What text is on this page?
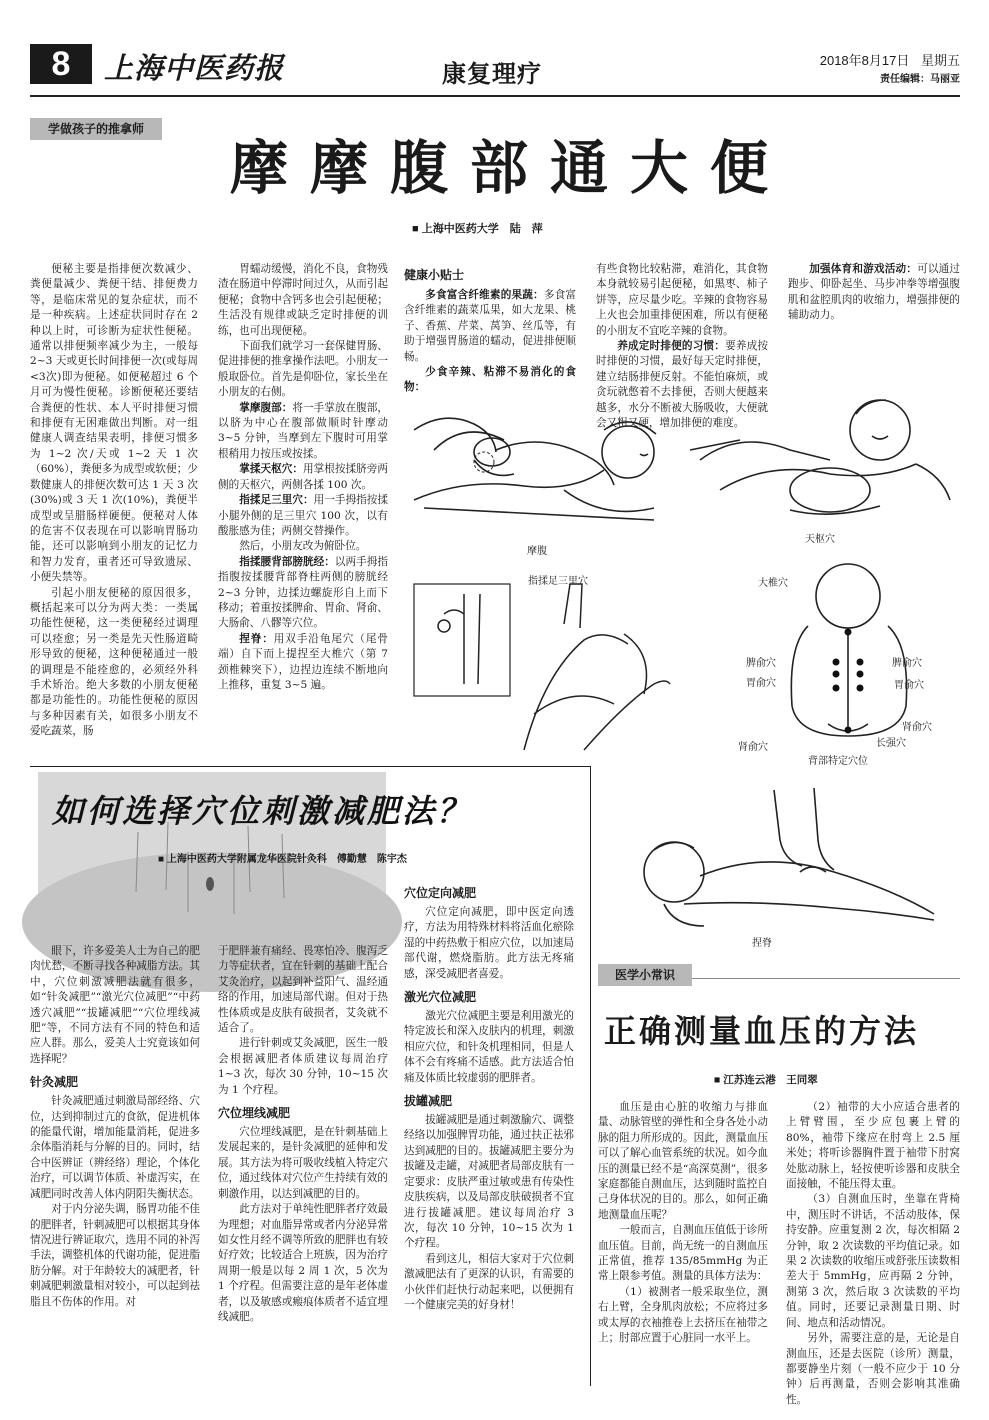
8	上海中医药报	康复理疗
2018年8月17日 星期五
责任编辑：马丽亚
学做孩子的推拿师
摩摩腹部通大便
■ 上海中医药大学　陆　萍

便秘主要是指排便次数减少、粪便量减少、粪便干结、排便费力等，是临床常见的复杂症状，而不是一种疾病。上述症状同时存在 2 种以上时，可诊断为症状性便秘。通常以排便频率减少为主，一般每 2~3 天或更长时间排便一次(或每周<3次)即为便秘。如便秘超过 6 个月可为慢性便秘。诊断便秘还要结合粪便的性状、本人平时排便习惯和排便有无困难做出判断。对一组健康人调查结果表明，排便习惯多为 1~2 次/天或 1~2 天 1 次（60%），粪便多为成型或软便；少数健康人的排便次数可达 1 天 3 次(30%)或 3 天 1 次(10%)，粪便半成型或呈腊肠样硬便。便秘对人体的危害不仅表现在可以影响胃肠功能，还可以影响到小朋友的记忆力和智力发育，重者还可导致遗尿、小便失禁等。

引起小朋友便秘的原因很多，概括起来可以分为两大类：一类属功能性便秘，这一类便秘经过调理可以痊愈；另一类是先天性肠道畸形导致的便秘，这种便秘通过一般的调理是不能痊愈的，必须经外科手术矫治。绝大多数的小朋友便秘都是功能性的。功能性便秘的原因与多种因素有关，如很多小朋友不爱吃蔬菜，肠

胃蠕动缓慢，消化不良，食物残渣在肠道中停滞时间过久，从而引起便秘；食物中含钙多也会引起便秘；生活没有规律或缺乏定时排便的训练，也可出现便秘。

下面我们就学习一套保健胃肠、促进排便的推拿操作法吧。小朋友一般取卧位。首先是仰卧位，家长坐在小朋友的右侧。

掌摩腹部：将一手掌放在腹部，以脐为中心在腹部做顺时针摩动 3~5 分钟，当摩到左下腹时可用掌根稍用力按压或按揉。

掌揉天枢穴：用掌根按揉脐旁两侧的天枢穴，两侧各揉 100 次。

指揉足三里穴：用一手拇指按揉小腿外侧的足三里穴 100 次，以有酸胀感为佳；两侧交替操作。

然后，小朋友改为俯卧位。

指揉腰背部膀胱经：以两手拇指指腹按揉腰背部脊柱两侧的膀胱经 2~3 分钟，边揉边螺旋形自上而下移动；着重按揉脾俞、胃俞、肾俞、大肠俞、八髎等穴位。

捏脊：用双手沿龟尾穴（尾骨端）自下而上提捏至大椎穴（第 7 颈椎棘突下），边捏边连续不断地向上推移，重复 3~5 遍。

健康小贴士

多食富含纤维素的果蔬：多食富含纤维素的蔬菜瓜果，如大龙果、桃子、香蕉、芹菜、莴笋、丝瓜等，有助于增强胃肠道的蠕动，促进排便顺畅。

少食辛辣、粘滞不易消化的食物：

有些食物比较粘滞，难消化，其食物本身就较易引起便秘，如黑枣、柿子饼等，应尽量少吃。辛辣的食物容易上火也会加重排便困难，所以有便秘的小朋友不宜吃辛辣的食物。

养成定时排便的习惯：要养成按时排便的习惯，最好每天定时排便，建立结肠排便反射。不能怕麻烦，或贪玩就憋着不去排便，否则大便越来越多，水分不断被大肠吸收，大便就会又粗又硬，增加排便的难度。

加强体育和游戏活动：可以通过跑步、仰卧起坐、马步冲拳等增强腹肌和盆腔肌肉的收缩力，增强排便的辅助动力。

摩腹
天枢穴
指揉足三里穴	大椎穴
脾俞穴
胃俞穴
脾俞穴
胃俞穴
肾俞穴
肾俞穴	长强穴
背部特定穴位
如何选择穴位刺激减肥法？
■ 上海中医药大学附属龙华医院针灸科　傅勤慧　陈宇杰

眼下，许多爱美人士为自己的肥肉忧愁，不断寻找各种减脂方法。其中，穴位刺激减肥法就有很多，如“针灸减肥”“激光穴位减肥”“中药透穴减肥”“拔罐减肥”“穴位埋线减肥”等，不同方法有不同的特色和适应人群。那么，爱美人士究竟该如何选择呢？

针灸减肥

针灸减肥通过刺激局部经络、穴位，达到抑制过亢的食欲，促进机体的能量代谢，增加能量消耗，促进多余体脂消耗与分解的目的。同时，结合中医辨证（辨经络）理论，个体化治疗，可以调节体质、补虚泻实，在减肥同时改善人体内阴阳失衡状态。

对于内分泌失调，肠胃功能不佳的肥胖者，针刺减肥可以根据其身体情况进行辨证取穴，选用不同的补泻手法，调整机体的代谢功能，促进脂肪分解。对于年龄较大的减肥者，针刺减肥刺激量相对较小，可以起到祛脂且不伤体的作用。对

于肥胖兼有痛经、畏寒怕冷、腹泻乏力等症状者，宜在针刺的基础上配合艾灸治疗，以起到补益阳气、温经通络的作用，加速局部代谢。但对于热性体质或是皮肤有破损者，艾灸就不适合了。

进行针刺或艾灸减肥，医生一般会根据减肥者体质建议每周治疗 1~3 次，每次 30 分钟，10~15 次为 1 个疗程。

穴位埋线减肥

穴位埋线减肥，是在针刺基础上发展起来的，是针灸减肥的延伸和发展。其方法为将可吸收线植入特定穴位，通过线体对穴位产生持续有效的刺激作用，以达到减肥的目的。

此方法对于单纯性肥胖者疗效最为理想；对血脂异常或者内分泌异常如女性月经不调等所致的肥胖也有较好疗效；比较适合上班族，因为治疗周期一般是以每 2 周 1 次，5 次为 1 个疗程。但需要注意的是年老体虚者，以及敏感或瘢痕体质者不适宜埋线减肥。

穴位定向减肥

穴位定向减肥，即中医定向透疗，方法为用特殊材料将活血化瘀除湿的中药热敷于相应穴位，以加速局部代谢，燃烧脂肪。此方法无疼痛感，深受减肥者喜爱。

激光穴位减肥

激光穴位减肥主要是利用激光的特定波长和深入皮肤内的机理，刺激相应穴位，和针灸机理相同，但是人体不会有疼痛不适感。此方法适合怕痛及体质比较虚弱的肥胖者。

拔罐减肥

拔罐减肥是通过刺激腧穴、调整经络以加强脾胃功能，通过扶正祛邪达到减肥的目的。拔罐减肥主要分为拔罐及走罐，对减肥者局部皮肤有一定要求：皮肤严重过敏或患有传染性皮肤疾病，以及局部皮肤破损者不宜进行拔罐减肥。建议每周治疗 3 次，每次 10 分钟，10~15 次为 1 个疗程。

看到这儿，相信大家对于穴位刺激减肥法有了更深的认识，有需要的小伙伴们赶快行动起来吧，以便拥有一个健康完美的好身材！

捏脊
医学小常识
正确测量血压的方法
■ 江苏连云港　王同翠

血压是由心脏的收缩力与排血量、动脉管壁的弹性和全身各处小动脉的阻力所形成的。因此，测量血压可以了解心血管系统的状况。如今血压的测量已经不是“高深莫测”，很多家庭都能自测血压，达到随时监控自己身体状况的目的。那么，如何正确地测量血压呢？

一般而言，自测血压值低于诊所血压值。目前，尚无统一的自测血压正常值，推荐 135/85mmHg 为正常上限参考值。测量的具体方法为：

（1）被测者一般采取坐位，测右上臂，全身肌肉放松；不应将过多或太厚的衣袖推卷上去挤压在袖带之上；肘部应置于心脏同一水平上。

（2）袖带的大小应适合患者的上臂臂围，至少应包裹上臂的 80%，袖带下缘应在肘弯上 2.5 厘米处；将听诊器胸件置于袖带下肘窝处肱动脉上，轻按使听诊器和皮肤全面接触，不能压得太重。

（3）自测血压时，坐靠在背椅中，测压时不讲话，不活动肢体，保持安静。应重复测 2 次，每次相隔 2 分钟，取 2 次读数的平均值记录。如果 2 次读数的收缩压或舒张压读数相差大于 5mmHg，应再隔 2 分钟，测第 3 次，然后取 3 次读数的平均值。同时，还要记录测量日期、时间、地点和活动情况。

另外，需要注意的是，无论是自测血压，还是去医院（诊所）测量，都要静坐片刻（一般不应少于 10 分钟）后再测量，否则会影响其准确性。
